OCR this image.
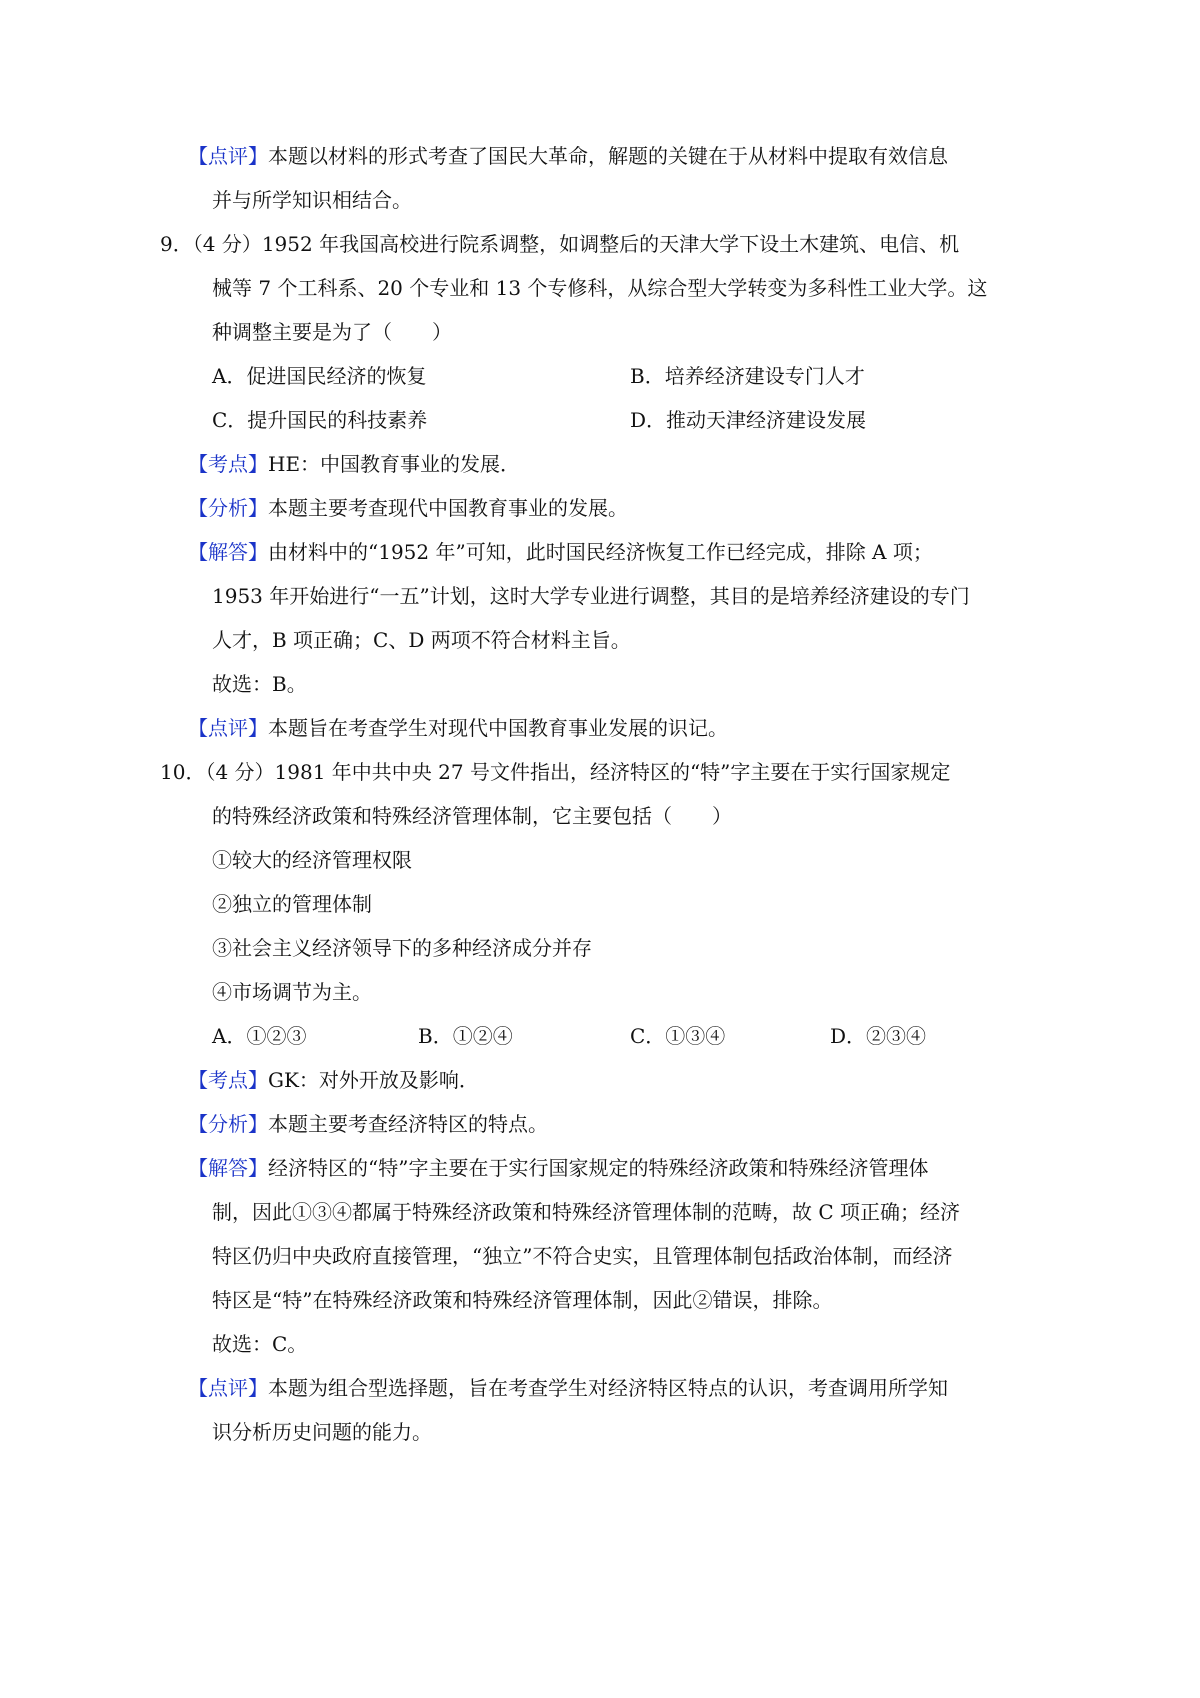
【点评】本题以材料的形式考查了国民大革命，解题的关键在于从材料中提取有效信息
并与所学知识相结合。
9．（4 分）1952 年我国高校进行院系调整，如调整后的天津大学下设土木建筑、电信、机
械等 7 个工科系、20 个专业和 13 个专修科，从综合型大学转变为多科性工业大学。这
种调整主要是为了（　　）
A．促进国民经济的恢复	B．培养经济建设专门人才
C．提升国民的科技素养	D．推动天津经济建设发展
【考点】HE：中国教育事业的发展．
【分析】本题主要考查现代中国教育事业的发展。
【解答】由材料中的“1952 年”可知，此时国民经济恢复工作已经完成，排除 A 项；
1953 年开始进行“一五”计划，这时大学专业进行调整，其目的是培养经济建设的专门
人才，B 项正确；C、D 两项不符合材料主旨。
故选：B。
【点评】本题旨在考查学生对现代中国教育事业发展的识记。
10．（4 分）1981 年中共中央 27 号文件指出，经济特区的“特”字主要在于实行国家规定
的特殊经济政策和特殊经济管理体制，它主要包括（　　）
①较大的经济管理权限
②独立的管理体制
③社会主义经济领导下的多种经济成分并存
④市场调节为主。
A．①②③	B．①②④	C．①③④	D．②③④
【考点】GK：对外开放及影响．
【分析】本题主要考查经济特区的特点。
【解答】经济特区的“特”字主要在于实行国家规定的特殊经济政策和特殊经济管理体
制，因此①③④都属于特殊经济政策和特殊经济管理体制的范畴，故 C 项正确；经济
特区仍归中央政府直接管理，“独立”不符合史实，且管理体制包括政治体制，而经济
特区是“特”在特殊经济政策和特殊经济管理体制，因此②错误，排除。
故选：C。
【点评】本题为组合型选择题，旨在考查学生对经济特区特点的认识，考查调用所学知
识分析历史问题的能力。
